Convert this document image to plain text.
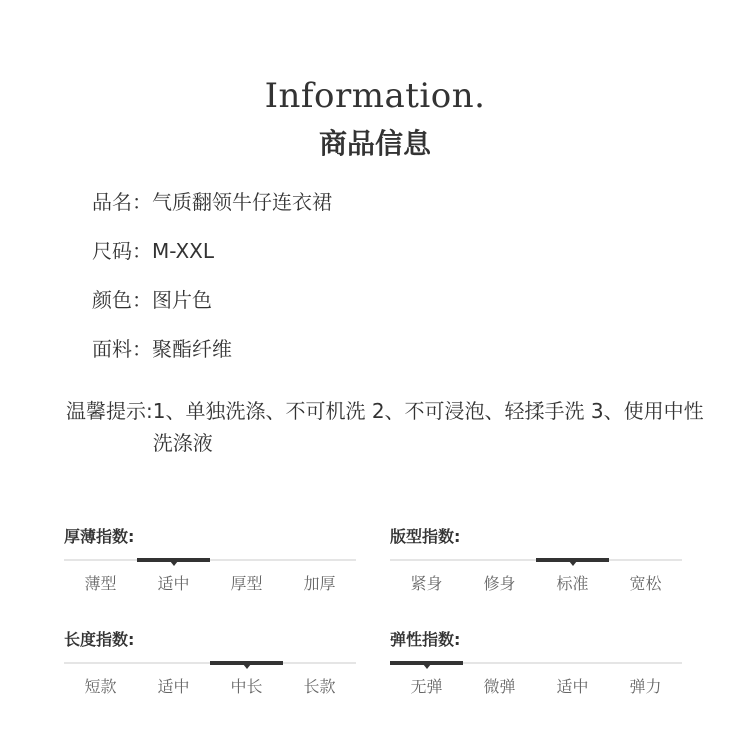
Information.
商品信息
品名：气质翻领牛仔连衣裙
尺码：M-XXL
颜色：图片色
面料：聚酯纤维
温馨提示: 1、单独洗涤、不可机洗 2、不可浸泡、轻揉手洗 3、使用中性洗涤液
厚薄指数:
薄型	适中	厚型	加厚
版型指数:
紧身	修身	标准	宽松
长度指数:
短款	适中	中长	长款
弹性指数:
无弹	微弹	适中	弹力
